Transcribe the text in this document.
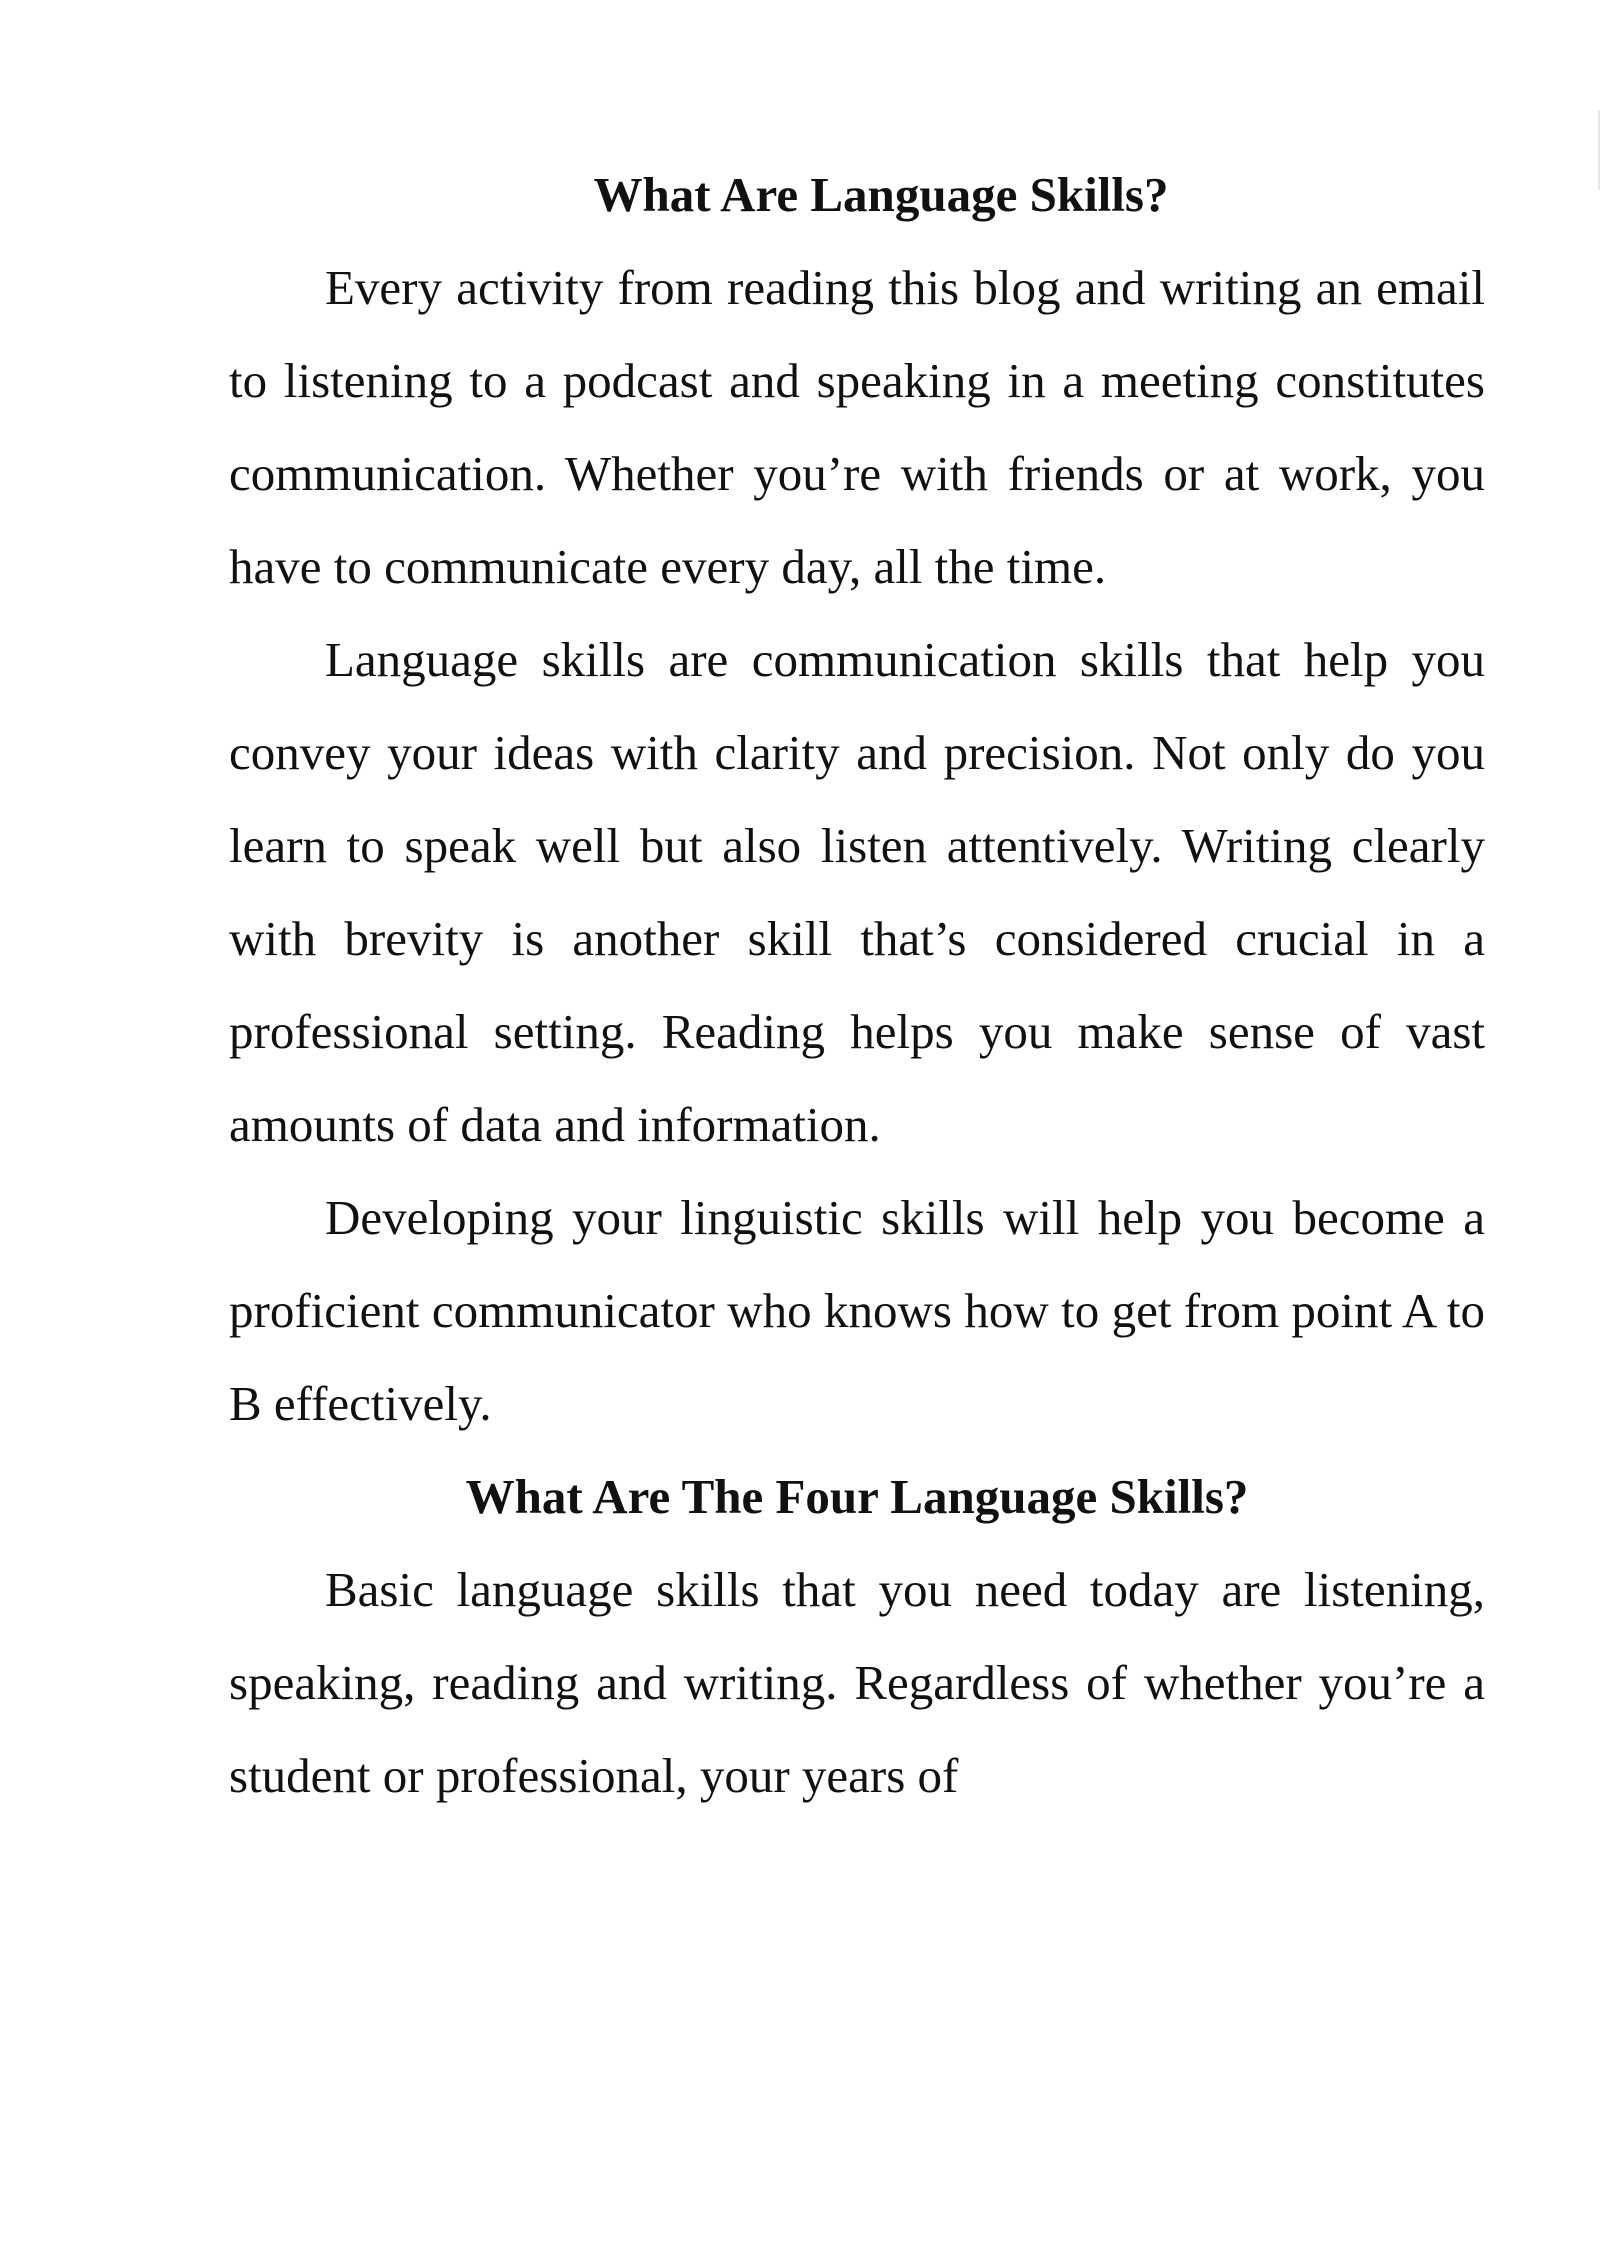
What Are Language Skills?

Every activity from reading this blog and writing an email to listening to a podcast and speaking in a meeting constitutes communication. Whether you’re with friends or at work, you have to communicate every day, all the time.

Language skills are communication skills that help you convey your ideas with clarity and precision. Not only do you learn to speak well but also listen attentively. Writing clearly with brevity is another skill that’s considered crucial in a professional setting. Reading helps you make sense of vast amounts of data and information.

Developing your linguistic skills will help you become a proficient communicator who knows how to get from point A to B effectively.

What Are The Four Language Skills?

Basic language skills that you need today are listening, speaking, reading and writing. Regardless of whether you’re a student or professional, your years of
